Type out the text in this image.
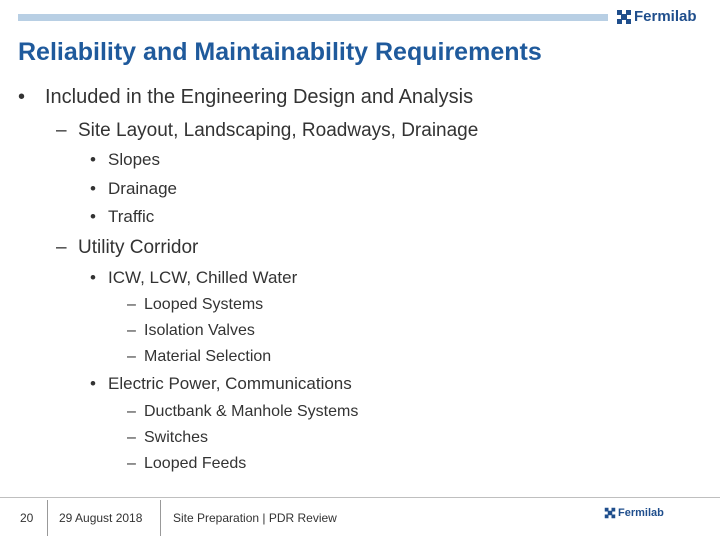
Fermilab
Reliability and Maintainability Requirements
• Included in the Engineering Design and Analysis
– Site Layout, Landscaping, Roadways, Drainage
• Slopes
• Drainage
• Traffic
– Utility Corridor
• ICW, LCW, Chilled Water
– Looped Systems
– Isolation Valves
– Material Selection
• Electric Power, Communications
– Ductbank & Manhole Systems
– Switches
– Looped Feeds
20 29 August 2018	Site Preparation | PDR Review	Fermilab
